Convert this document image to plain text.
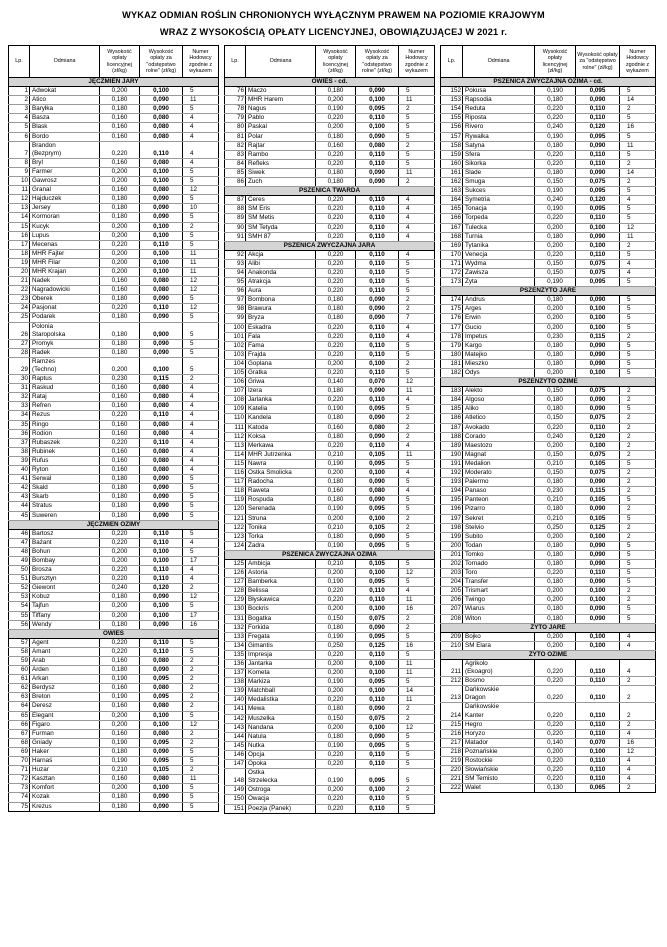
WYKAZ ODMIAN ROŚLIN CHRONIONYCH WYŁĄCZNYM PRAWEM NA POZIOMIE KRAJOWYM
WRAZ Z WYSOKOŚCIĄ OPŁATY LICENCYJNEJ, OBOWIĄZUJĄCEJ W 2021 r.
Lp.	Odmiana	Wysokość opłaty licencyjnej (zł/kg)	Wysokość opłaty za "odstępstwo rolne" (zł/kg)	Numer Hodowcy zgodnie z wykazem
JĘCZMIEŃ JARY				
1	Adwokat	0,200	0,100	5
2	Atico	0,180	0,090	11
3	Baryłka	0,180	0,090	5
4	Basza	0,160	0,080	4
5	Blask	0,160	0,080	4
6	Bordo	0,160	0,080	4
7	Brandon
(Bezprym)	0,220	0,110	4
8	Bryl	0,160	0,080	4
9	Farmer	0,200	0,100	5
10	Gawrosz	0,200	0,100	5
11	Granal	0,160	0,080	12
12	Hajduczek	0,180	0,090	5
13	Jersey	0,180	0,090	10
14	Kormoran	0,180	0,090	5
15	Kucyk	0,200	0,100	2
16	Lupus	0,200	0,100	5
17	Mecenas	0,220	0,110	5
18	MHR Fajter	0,200	0,100	11
19	MHR Filar	0,200	0,100	11
20	MHR Krajan	0,200	0,100	11
21	Nadek	0,160	0,080	12
22	Nagradowicki	0,160	0,080	12
23	Oberek	0,180	0,090	5
24	Pasjonat	0,220	0,110	12
25	Podarek	0,180	0,090	5
26	Polonia
Staropolska	0,180	0,900	5
27	Promyk	0,180	0,090	5
28	Radek	0,180	0,090	5
29	Ramzes
(Techno)	0,200	0,100	5
30	Raptus	0,230	0,115	2
31	Raskud	0,160	0,080	4
32	Rataj	0,160	0,080	4
33	Refren	0,160	0,080	4
34	Rezus	0,220	0,110	4
35	Ringo	0,160	0,080	4
36	Rodion	0,160	0,080	4
37	Rubaszek	0,220	0,110	4
38	Rubinek	0,160	0,080	4
39	Rufus	0,160	0,080	4
40	Ryton	0,160	0,080	4
41	Serwal	0,180	0,090	5
42	Skald	0,180	0,090	5
43	Skarb	0,180	0,090	5
44	Stratus	0,180	0,090	5
45	Suweren	0,180	0,090	5
JĘCZMIEŃ OZIMY				
46	Bartosz	0,220	0,110	5
47	Bażant	0,220	0,110	4
48	Bohun	0,200	0,100	5
49	Bombay	0,200	0,100	17
50	Brosza	0,220	0,110	4
51	Bursztyn	0,220	0,110	4
52	Giewont	0,240	0,120	2
53	Kobuz	0,180	0,090	12
54	Tajfun	0,200	0,100	5
55	Tiffany	0,200	0,100	17
56	Wendy	0,180	0,090	16
OWIES				
57	Agent	0,220	0,110	5
58	Amant	0,220	0,110	5
59	Arab	0,160	0,080	2
60	Arden	0,180	0,090	2
61	Arkan	0,190	0,095	2
62	Berdysz	0,160	0,080	2
63	Breton	0,190	0,095	2
64	Deresz	0,160	0,080	2
65	Elegant	0,200	0,100	5
66	Figaro	0,200	0,100	12
67	Furman	0,160	0,080	2
68	Gniady	0,190	0,095	2
69	Haker	0,180	0,090	5
70	Harnaś	0,190	0,095	5
71	Huzar	0,210	0,105	2
72	Kasztan	0,160	0,080	11
73	Komfort	0,200	0,100	5
74	Kozak	0,180	0,090	5
75	Krezus	0,180	0,090	5
Lp.	Odmiana	Wysokość opłaty licencyjnej (zł/kg)	Wysokość opłaty za "odstępstwo rolne" (zł/kg)	Numer Hodowcy zgodnie z wykazem
OWIES - cd.				
76	Maczo	0,180	0,090	5
77	MHR Harem	0,200	0,100	11
78	Nagus	0,190	0,095	2
79	Pablo	0,220	0,110	5
80	Paskal	0,200	0,100	5
81	Polar	0,180	0,090	5
82	Rajtar	0,160	0,080	2
83	Rambo	0,220	0,110	5
84	Refleks	0,220	0,110	5
85	Siwek	0,180	0,090	11
86	Zuch	0,180	0,090	2
PSZENICA TWARDA				
87	Ceres	0,220	0,110	4
88	SM Eris	0,220	0,110	4
89	SM Metis	0,220	0,110	4
90	SM Tetyda	0,220	0,110	4
91	SMH 87	0,220	0,110	4
PSZENICA ZWYCZAJNA JARA				
92	Akcja	0,220	0,110	4
93	Alibi	0,220	0,110	5
94	Anakonda	0,220	0,110	5
95	Atrakcja	0,220	0,110	5
96	Aura	0,220	0,110	5
97	Bombona	0,180	0,090	2
98	Brawura	0,180	0,090	2
99	Bryza	0,180	0,090	7
100	Eskadra	0,220	0,110	4
101	Fala	0,220	0,110	4
102	Fama	0,220	0,110	5
103	Frajda	0,220	0,110	5
104	Goplana	0,200	0,100	2
105	Gratka	0,220	0,110	5
106	Griwa	0,140	0,070	12
107	Izera	0,180	0,090	11
108	Jarlanka	0,220	0,110	4
109	Katelia	0,190	0,095	5
110	Kandela	0,180	0,090	2
111	Katoda	0,160	0,080	2
112	Koksa	0,180	0,090	2
113	Merkawa	0,220	0,110	4
114	MHR Jutrzenka	0,210	0,105	11
115	Nawra	0,190	0,095	5
116	Ostka Smolicka	0,200	0,100	4
117	Radocha	0,180	0,090	5
118	Raweta	0,160	0,080	4
119	Rospuda	0,180	0,090	5
120	Serenada	0,190	0,095	5
121	Struna	0,200	0,100	2
122	Tonika	0,210	0,105	2
123	Torka	0,180	0,090	5
124	Zadra	0,190	0,095	5
PSZENICA ZWYCZAJNA OZIMA				
125	Ambicja	0,210	0,105	5
126	Astoria	0,200	0,100	12
127	Bamberka	0,190	0,095	5
128	Belissa	0,220	0,110	4
129	Błyskawica	0,220	0,110	11
130	Bockris	0,200	0,100	16
131	Bogatka	0,150	0,075	2
132	Forkida	0,180	0,090	2
133	Fregata	0,190	0,095	5
134	Gimantis	0,250	0,125	16
135	Impresja	0,220	0,110	5
136	Jantarka	0,200	0,100	11
137	Kometa	0,200	0,100	11
138	Markiza	0,190	0,095	5
139	Matchball	0,200	0,100	14
140	Medalistka	0,220	0,110	11
141	Mewa	0,180	0,090	2
142	Muszelka	0,150	0,075	2
143	Nandana	0,200	0,100	12
144	Natula	0,180	0,090	5
145	Nutka	0,190	0,095	5
146	Opcja	0,220	0,110	5
147	Opoka	0,220	0,110	5
148	Ostka
Strzelecka	0,190	0,095	5
149	Ostroga	0,200	0,100	2
150	Owacja	0,220	0,110	5
151	Poezja (Panek)	0,220	0,110	5
Lp.	Odmiana	Wysokość opłaty licencyjnej (zł/kg)	Wysokość opłaty za "odstępstwo rolne" (zł/kg)	Numer Hodowcy zgodnie z wykazem
PSZENICA ZWYCZAJNA OZIMA - cd.				
152	Pokusa	0,190	0,095	5
153	Rapsodia	0,180	0,090	14
154	Reduta	0,220	0,110	2
155	Riposta	0,220	0,110	5
156	Rivero	0,240	0,120	16
157	Rywalka	0,190	0,095	5
158	Satyna	0,180	0,090	11
159	Sfera	0,220	0,110	5
160	Sikorka	0,220	0,110	2
161	Slade	0,180	0,090	14
162	Smuga	0,150	0,075	2
163	Sukces	0,190	0,095	5
164	Symetria	0,240	0,120	4
165	Tonacja	0,190	0,095	5
166	Torpeda	0,220	0,110	5
167	Tulecka	0,200	0,100	12
168	Turnia	0,180	0,090	11
169	Tytanika	0,200	0,100	2
170	Venecja	0,220	0,110	5
171	Wydma	0,150	0,075	4
172	Zawisza	0,150	0,075	4
173	Zyta	0,190	0,095	5
PSZENŻYTO JARE				
174	Andrus	0,180	0,090	5
175	Arges	0,200	0,100	5
176	Erwin	0,200	0,100	5
177	Gucio	0,200	0,100	5
178	Impetus	0,230	0,115	2
179	Kargo	0,180	0,090	5
180	Matejko	0,180	0,090	5
181	Mieszko	0,180	0,090	5
182	Odys	0,200	0,100	5
PSZENŻYTO OZIME				
183	Alekto	0,150	0,075	2
184	Algoso	0,180	0,090	2
185	Aliko	0,180	0,090	5
186	Atletico	0,150	0,075	2
187	Avokado	0,220	0,110	2
188	Corado	0,240	0,120	2
189	Maestozo	0,200	0,100	2
190	Magnat	0,150	0,075	2
191	Medalion	0,210	0,105	5
192	Moderato	0,150	0,075	2
193	Palermo	0,180	0,090	2
194	Panaso	0,230	0,115	2
195	Panteon	0,210	0,105	5
196	Pizarro	0,180	0,090	2
197	Sekret	0,210	0,105	5
198	Stelvio	0,250	0,125	2
199	Subito	0,200	0,100	2
200	Todan	0,180	0,090	5
201	Tomko	0,180	0,090	5
202	Tornado	0,180	0,090	5
203	Toro	0,220	0,110	5
204	Transfer	0,180	0,090	5
205	Trismart	0,200	0,100	2
206	Twingo	0,200	0,100	2
207	Wiarus	0,180	0,090	5
208	Witon	0,180	0,090	5
ŻYTO JARE				
209	Bojko	0,200	0,100	4
210	SM Elara	0,200	0,100	4
ŻYTO OZIME				
211	Agrikolo
(Ekoagro)	0,220	0,110	4
212	Bosmo	0,220	0,110	2
213	Dańkowskie
Dragon	0,220	0,110	2
214	Dańkowskie
Kanter	0,220	0,110	2
215	Hegro	0,220	0,110	2
216	Horyzo	0,220	0,110	4
217	Matador	0,140	0,070	16
218	Poznańskie	0,200	0,100	12
219	Rostockie	0,220	0,110	4
220	Słowiańskie	0,220	0,110	4
221	SM Temisto	0,220	0,110	4
222	Walet	0,130	0,065	2
